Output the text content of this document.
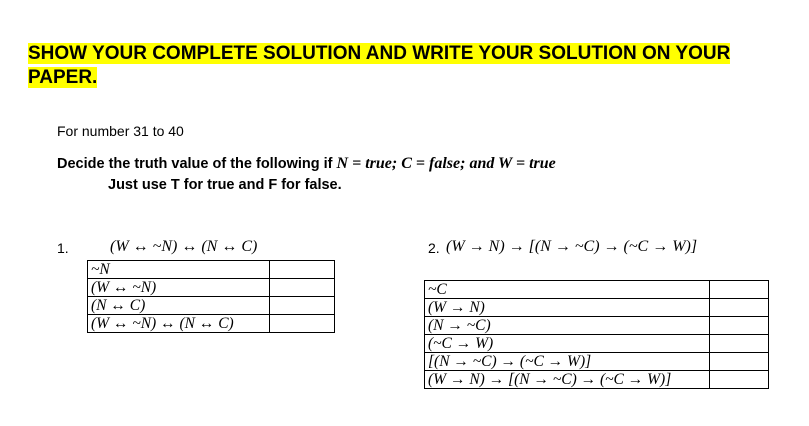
SHOW YOUR COMPLETE SOLUTION AND WRITE YOUR SOLUTION ON YOUR
PAPER.
For number 31 to 40
Decide the truth value of the following if N = true; C = false; and W = true
Just use T for true and F for false.
1.	(W ↔ ~N) ↔ (N ↔ C)
~N	
(W ↔ ~N)	
(N ↔ C)	
(W ↔ ~N) ↔ (N ↔ C)	
2. (W → N) → [(N → ~C) → (~C → W)]
~C	
(W → N)	
(N → ~C)	
(~C → W)	
[(N → ~C) → (~C → W)]	
(W → N) → [(N → ~C) → (~C → W)]	
